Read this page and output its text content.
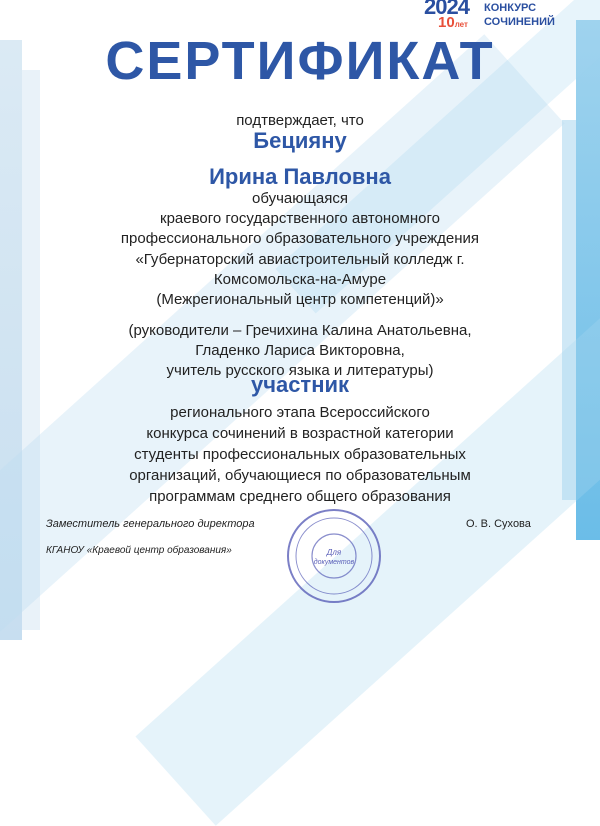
2024
10лет
КОНКУРС
СОЧИНЕНИЙ
СЕРТИФИКАТ
подтверждает, что
Бецияну
Ирина Павловна
обучающаяся
краевого государственного автономного
профессионального образовательного учреждения
«Губернаторский авиастроительный колледж г.
Комсомольска-на-Амуре
(Межрегиональный центр компетенций)»
(руководители – Гречихина Калина Анатольевна,
Гладенко Лариса Викторовна,
учитель русского языка и литературы)
участник
регионального этапа Всероссийского
конкурса сочинений в возрастной категории
студенты профессиональных образовательных
организаций, обучающиеся по образовательным
программам среднего общего образования
Заместитель генерального директора
КГАНОУ «Краевой центр образования»
О. В. Сухова
Для
документов
